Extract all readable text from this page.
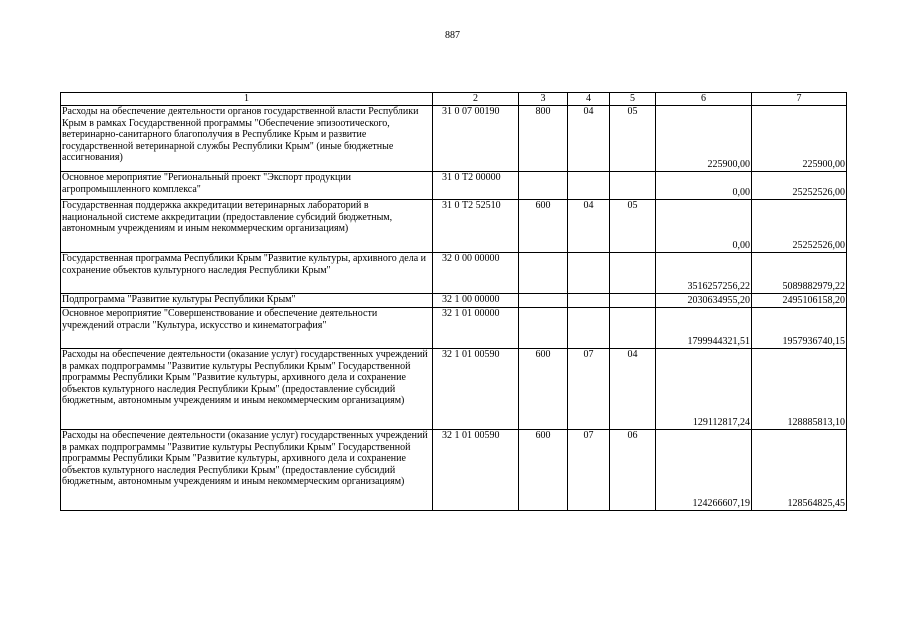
887
1	2	3	4	5	6	7
Расходы на обеспечение деятельности органов государственной власти Республики Крым в рамках Государственной программы "Обеспечение эпизоотического, ветеринарно-санитарного благополучия в Республике Крым и развитие государственной ветеринарной службы Республики Крым" (иные бюджетные ассигнования)	31 0 07 00190	800	04	05	225900,00	225900,00
Основное мероприятие "Региональный проект "Экспорт продукции агропромышленного комплекса"	31 0 Т2 00000				0,00	25252526,00
Государственная поддержка аккредитации ветеринарных лабораторий в национальной системе аккредитации (предоставление субсидий бюджетным, автономным учреждениям и иным некоммерческим организациям)	31 0 Т2 52510	600	04	05	0,00	25252526,00
Государственная программа Республики Крым "Развитие культуры, архивного дела и сохранение объектов культурного наследия Республики Крым"	32 0 00 00000				3516257256,22	5089882979,22
Подпрограмма "Развитие культуры Республики Крым"	32 1 00 00000				2030634955,20	2495106158,20
Основное мероприятие "Совершенствование и обеспечение деятельности учреждений отрасли "Культура, искусство и кинематография"	32 1 01 00000				1799944321,51	1957936740,15
Расходы на обеспечение деятельности (оказание услуг) государственных учреждений в рамках подпрограммы "Развитие культуры Республики Крым" Государственной программы Республики Крым "Развитие культуры, архивного дела и сохранение объектов культурного наследия Республики Крым" (предоставление субсидий бюджетным, автономным учреждениям и иным некоммерческим организациям)	32 1 01 00590	600	07	04	129112817,24	128885813,10
Расходы на обеспечение деятельности (оказание услуг) государственных учреждений в рамках подпрограммы "Развитие культуры Республики Крым" Государственной программы Республики Крым "Развитие культуры, архивного дела и сохранение объектов культурного наследия Республики Крым" (предоставление субсидий бюджетным, автономным учреждениям и иным некоммерческим организациям)	32 1 01 00590	600	07	06	124266607,19	128564825,45
